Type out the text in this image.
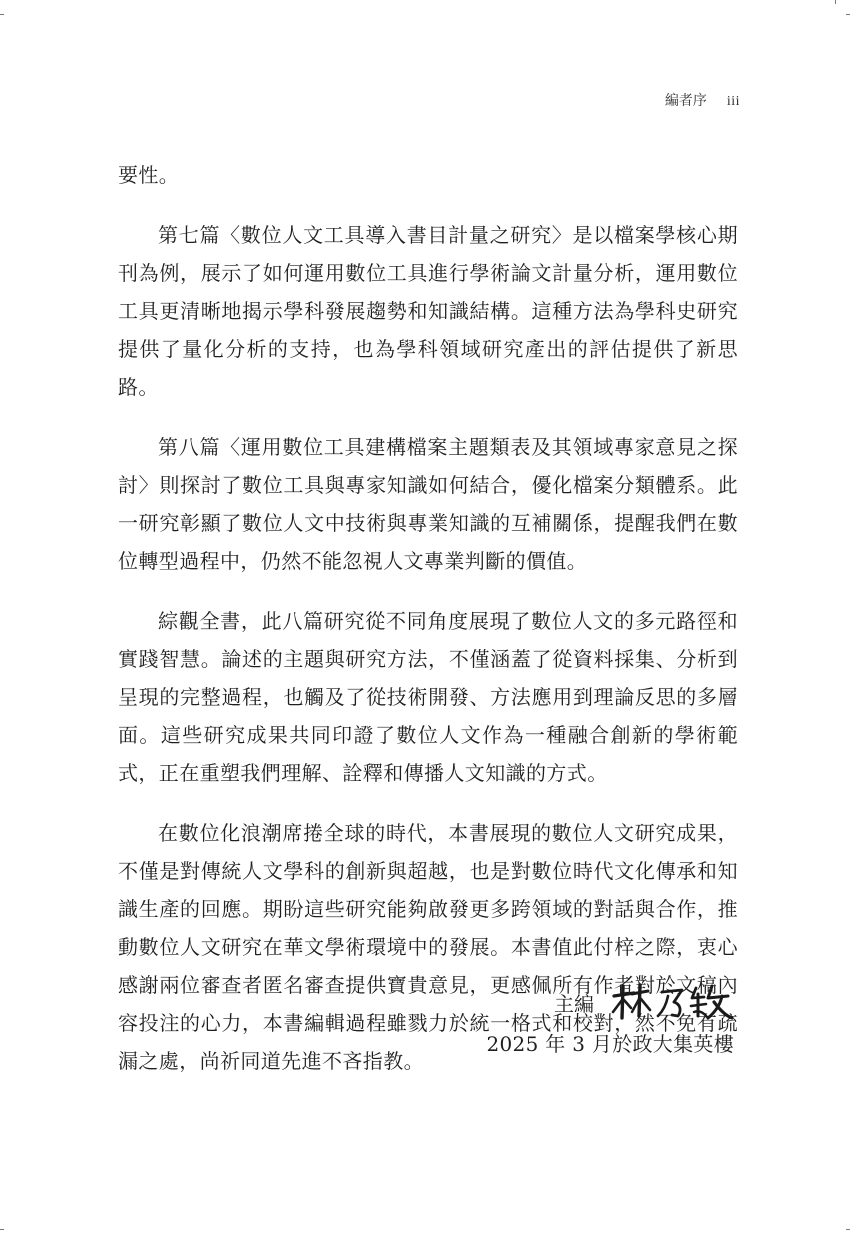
編者序 iii

要性。

第七篇〈數位人文工具導入書目計量之研究〉是以檔案學核心期刊為例，展示了如何運用數位工具進行學術論文計量分析，運用數位工具更清晰地揭示學科發展趨勢和知識結構。這種方法為學科史研究提供了量化分析的支持，也為學科領域研究產出的評估提供了新思路。

第八篇〈運用數位工具建構檔案主題類表及其領域專家意見之探討〉則探討了數位工具與專家知識如何結合，優化檔案分類體系。此一研究彰顯了數位人文中技術與專業知識的互補關係，提醒我們在數位轉型過程中，仍然不能忽視人文專業判斷的價值。

綜觀全書，此八篇研究從不同角度展現了數位人文的多元路徑和實踐智慧。論述的主題與研究方法，不僅涵蓋了從資料採集、分析到呈現的完整過程，也觸及了從技術開發、方法應用到理論反思的多層面。這些研究成果共同印證了數位人文作為一種融合創新的學術範式，正在重塑我們理解、詮釋和傳播人文知識的方式。

在數位化浪潮席捲全球的時代，本書展現的數位人文研究成果，不僅是對傳統人文學科的創新與超越，也是對數位時代文化傳承和知識生產的回應。期盼這些研究能夠啟發更多跨領域的對話與合作，推動數位人文研究在華文學術環境中的發展。本書值此付梓之際，衷心感謝兩位審查者匿名審查提供寶貴意見，更感佩所有作者對於文稿內容投注的心力，本書編輯過程雖戮力於統一格式和校對，然不免有疏漏之處，尚祈同道先進不吝指教。

主編
2025 年 3 月於政大集英樓
